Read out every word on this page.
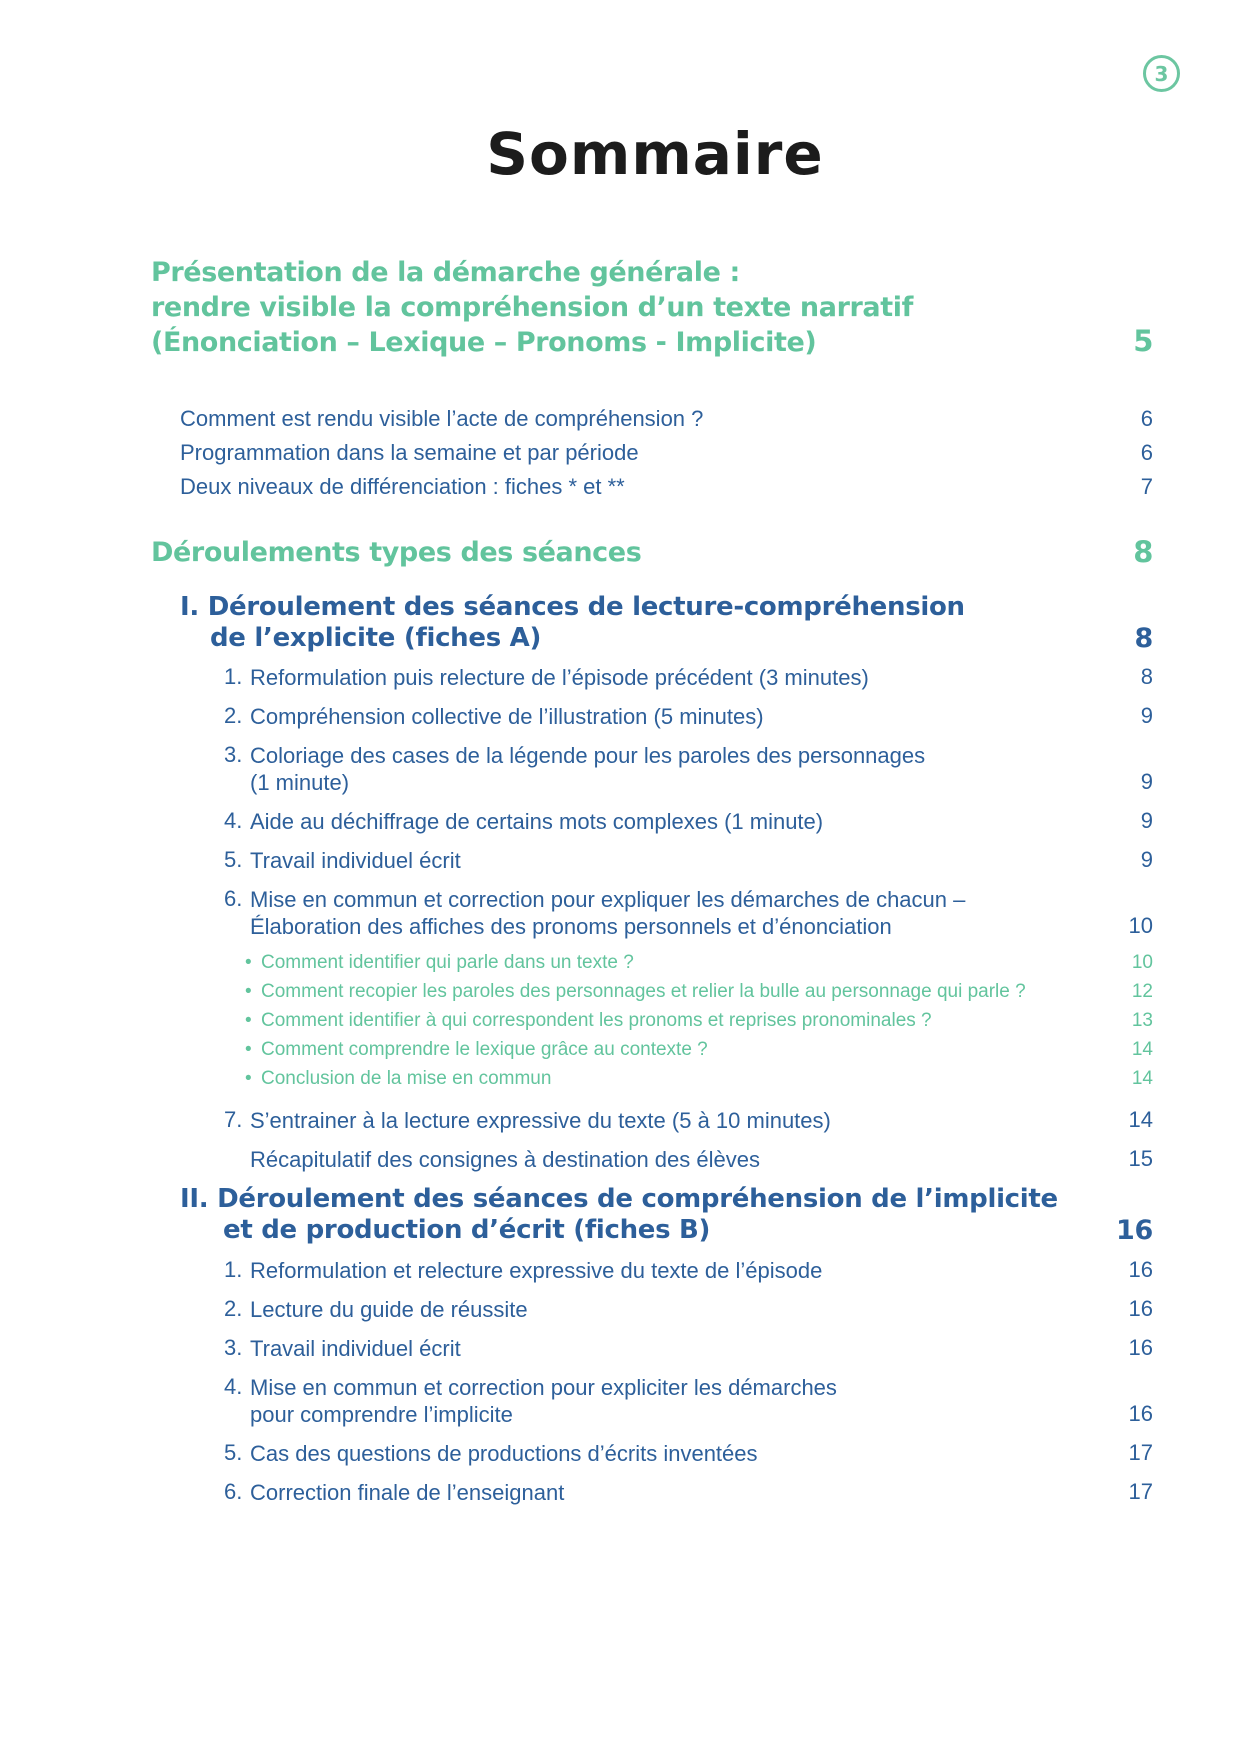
3
Sommaire
Présentation de la démarche générale :
rendre visible la compréhension d’un texte narratif
(Énonciation – Lexique – Pronoms - Implicite)	5
Comment est rendu visible l’acte de compréhension ?	6
Programmation dans la semaine et par période	6
Deux niveaux de différenciation : fiches * et **	7
Déroulements types des séances	8
I. Déroulement des séances de lecture-compréhension
de l’explicite (fiches A)	8
1. Reformulation puis relecture de l’épisode précédent (3 minutes)	8
2. Compréhension collective de l’illustration (5 minutes)	9
3. Coloriage des cases de la légende pour les paroles des personnages
(1 minute)	9
4. Aide au déchiffrage de certains mots complexes (1 minute)	9
5. Travail individuel écrit	9
6. Mise en commun et correction pour expliquer les démarches de chacun –
Élaboration des affiches des pronoms personnels et d’énonciation	10
• Comment identifier qui parle dans un texte ?	10
• Comment recopier les paroles des personnages et relier la bulle au personnage qui parle ?	12
• Comment identifier à qui correspondent les pronoms et reprises pronominales ?	13
• Comment comprendre le lexique grâce au contexte ?	14
• Conclusion de la mise en commun	14
7. S’entrainer à la lecture expressive du texte (5 à 10 minutes)	14
Récapitulatif des consignes à destination des élèves	15
II. Déroulement des séances de compréhension de l’implicite
et de production d’écrit (fiches B)	16
1. Reformulation et relecture expressive du texte de l’épisode	16
2. Lecture du guide de réussite	16
3. Travail individuel écrit	16
4. Mise en commun et correction pour expliciter les démarches
pour comprendre l’implicite	16
5. Cas des questions de productions d’écrits inventées	17
6. Correction finale de l’enseignant	17
